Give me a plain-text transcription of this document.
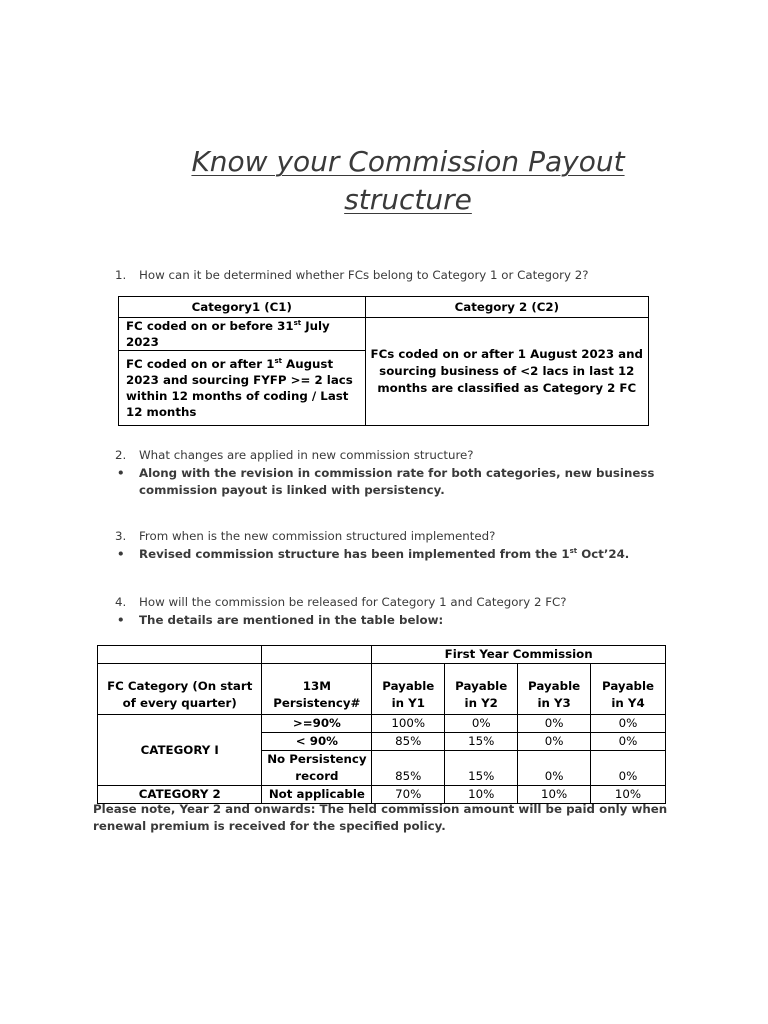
Know your Commission Payout
structure
1. How can it be determined whether FCs belong to Category 1 or Category 2?
Category1 (C1)	Category 2 (C2)
FC coded on or before 31st July 2023	FCs coded on or after 1 August 2023 and sourcing business of <2 lacs in last 12 months are classified as Category 2 FC
FC coded on or after 1st August 2023 and sourcing FYFP >= 2 lacs within 12 months of coding / Last 12 months	
2. What changes are applied in new commission structure?
• Along with the revision in commission rate for both categories, new business commission payout is linked with persistency.
3. From when is the new commission structured implemented?
• Revised commission structure has been implemented from the 1st Oct’24.
4. How will the commission be released for Category 1 and Category 2 FC?
• The details are mentioned in the table below:
		First Year Commission			
FC Category (On start of every quarter)	13M Persistency#	Payable in Y1	Payable in Y2	Payable in Y3	Payable in Y4
CATEGORY I	>=90%	100%	0%	0%	0%
	< 90%	85%	15%	0%	0%
	No Persistency record	85%	15%	0%	0%
CATEGORY 2	Not applicable	70%	10%	10%	10%
Please note, Year 2 and onwards: The held commission amount will be paid only when renewal premium is received for the specified policy.
